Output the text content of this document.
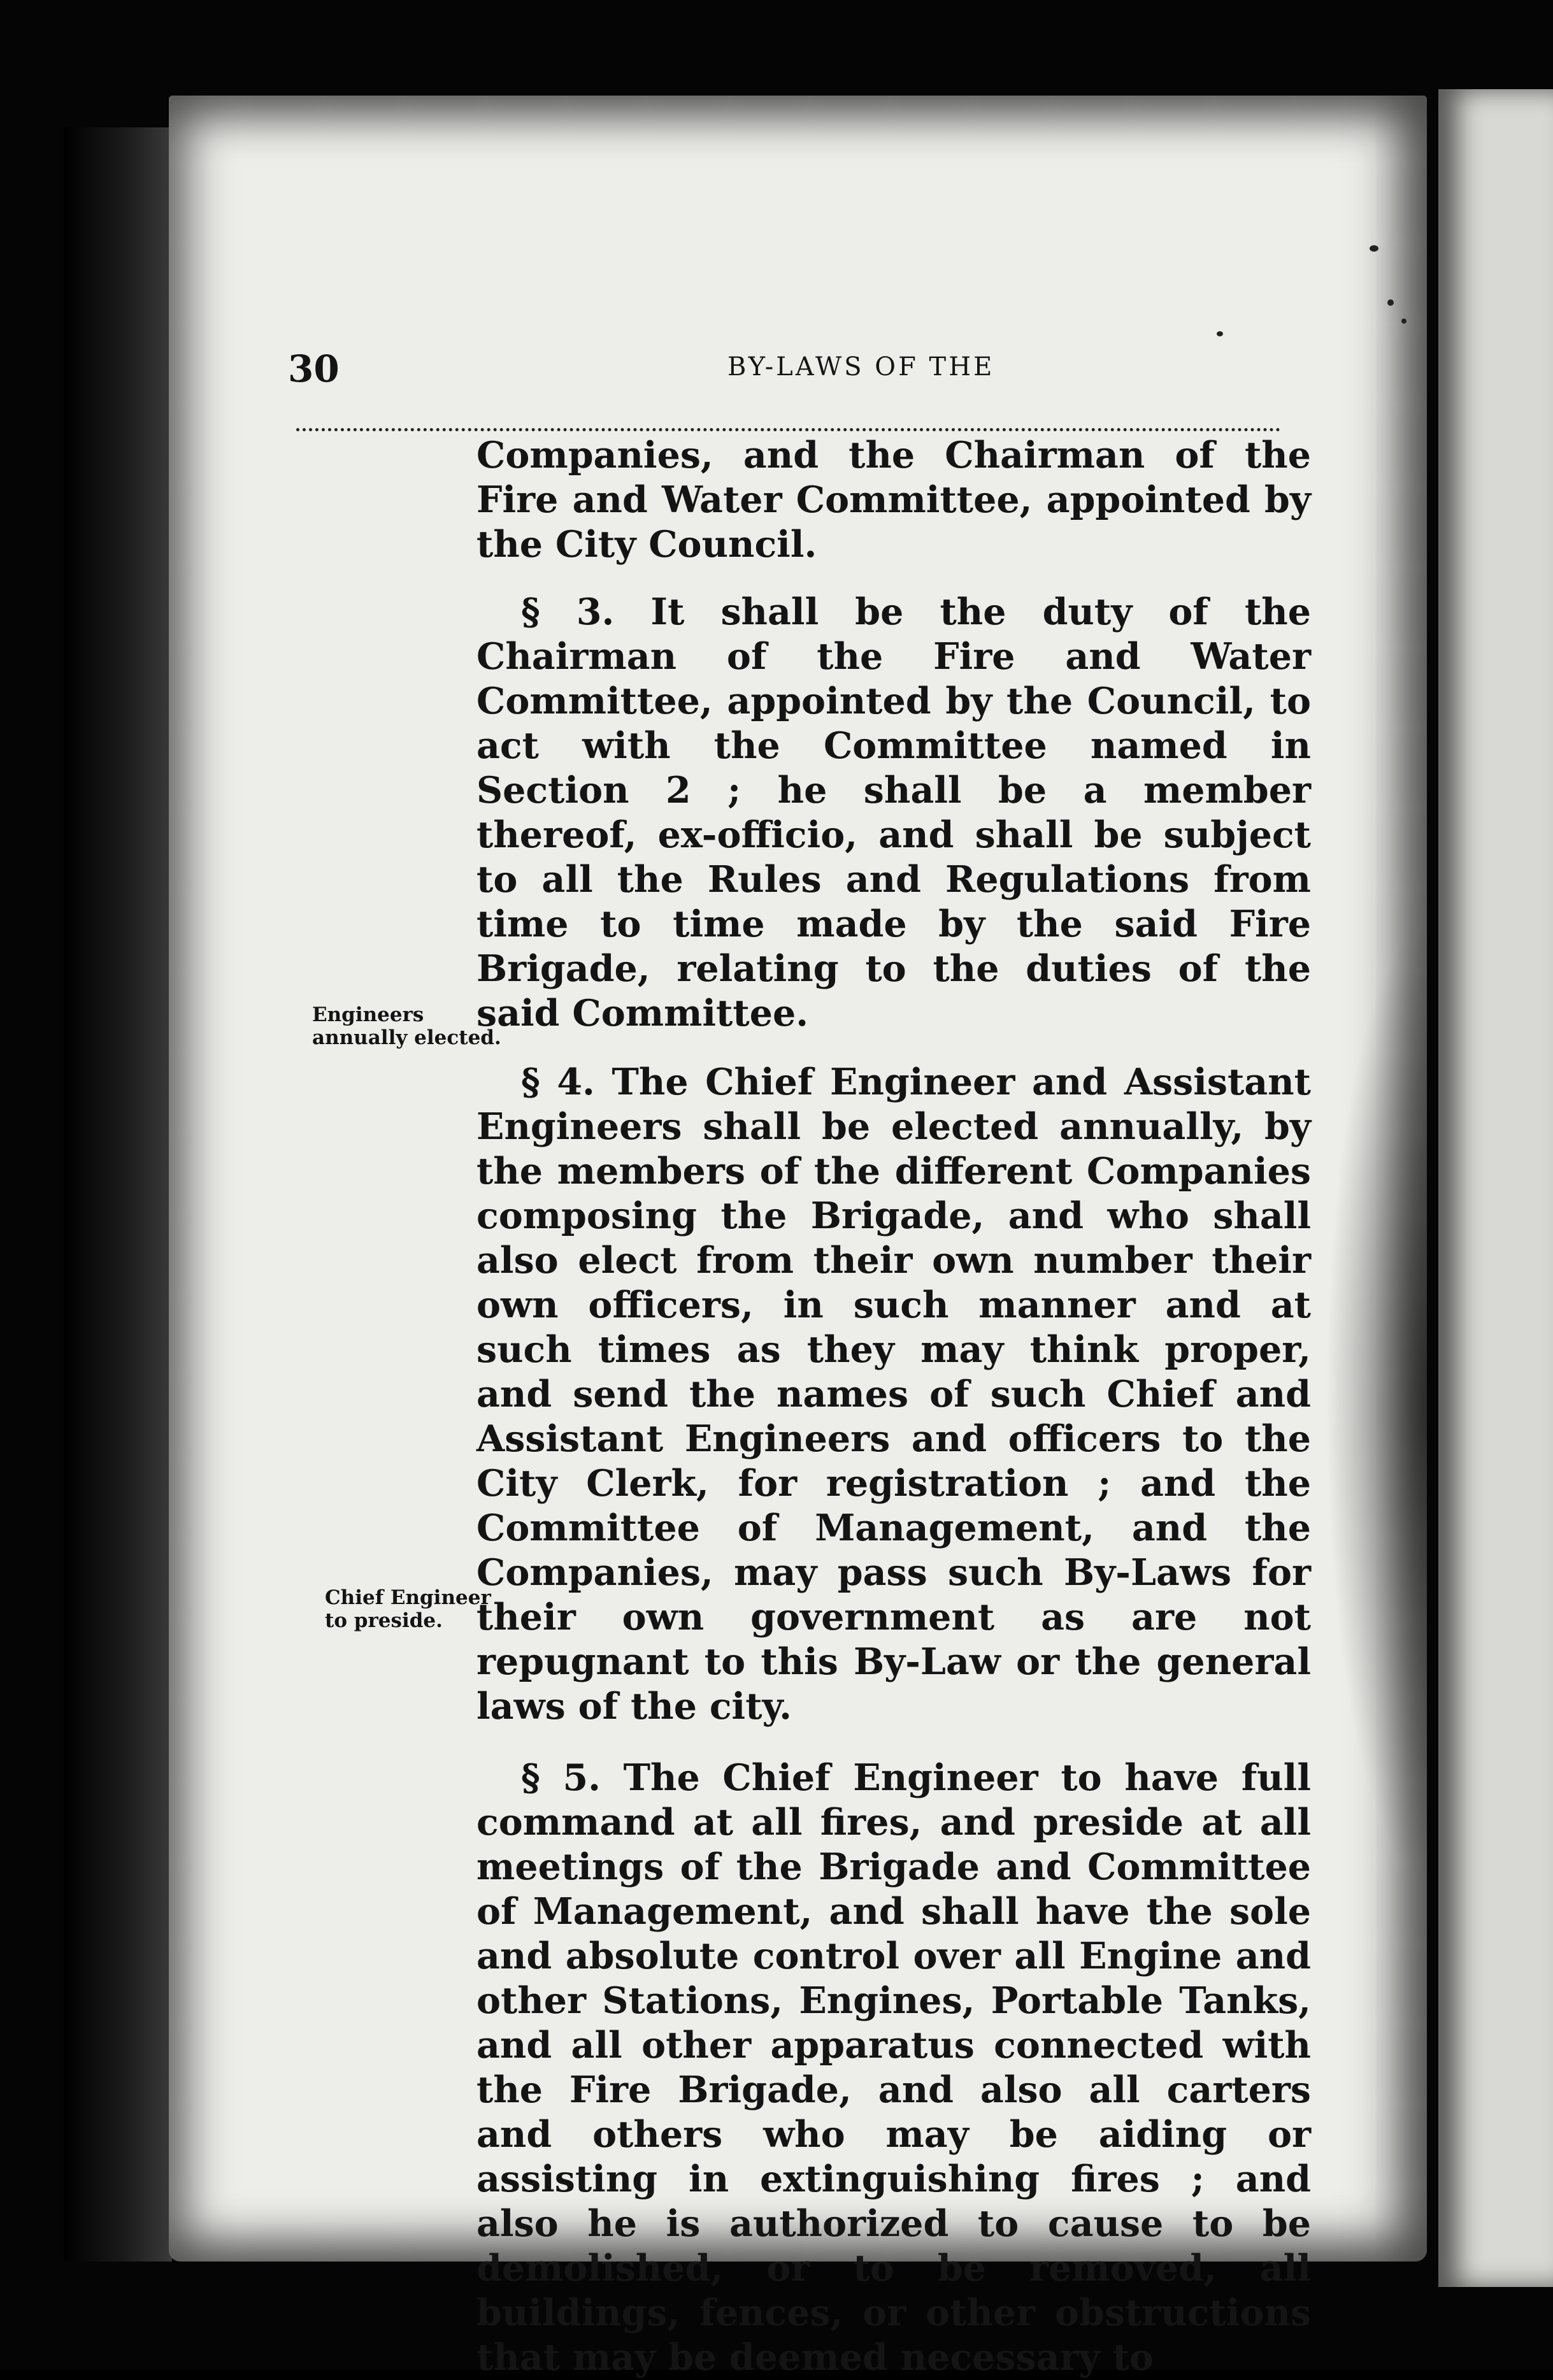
30	BY-LAWS OF THE
Engineers annually elected.
Chief Engineer to preside.

Companies, and the Chairman of the Fire and Water Committee, appointed by the City Council.

§ 3. It shall be the duty of the Chairman of the Fire and Water Committee, appointed by the Council, to act with the Committee named in Section 2 ; he shall be a member thereof, ex-officio, and shall be subject to all the Rules and Regulations from time to time made by the said Fire Brigade, relating to the duties of the said Committee.

§ 4. The Chief Engineer and Assistant Engineers shall be elected annually, by the members of the different Companies composing the Brigade, and who shall also elect from their own number their own officers, in such manner and at such times as they may think proper, and send the names of such Chief and Assistant Engineers and officers to the City Clerk, for registration ; and the Committee of Management, and the Companies, may pass such By-Laws for their own government as are not repugnant to this By-Law or the general laws of the city.

§ 5. The Chief Engineer to have full command at all fires, and preside at all meetings of the Brigade and Committee of Management, and shall have the sole and absolute control over all Engine and other Stations, Engines, Portable Tanks, and all other apparatus connected with the Fire Brigade, and also all carters and others who may be aiding or assisting in extinguishing fires ; and also he is authorized to cause to be demolished, or to be removed, all buildings, fences, or other obstructions that may be deemed necessary to
